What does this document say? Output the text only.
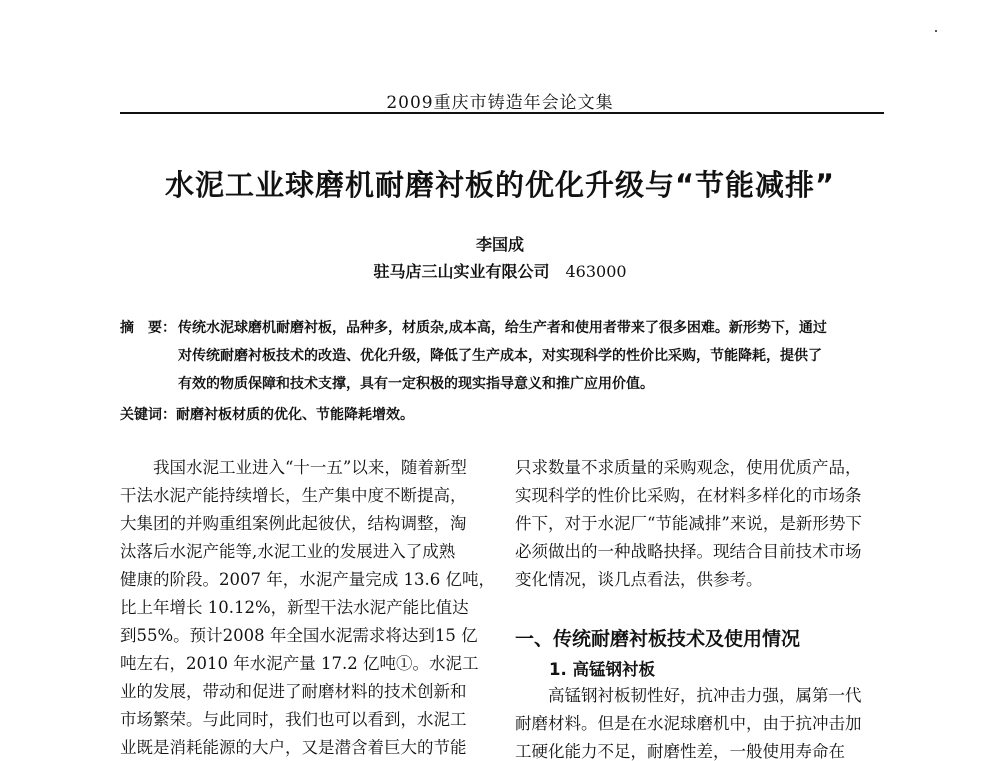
2009重庆市铸造年会论文集
水泥工业球磨机耐磨衬板的优化升级与“节能减排”
李国成
驻马店三山实业有限公司 463000
摘　要： 传统水泥球磨机耐磨衬板，品种多，材质杂,成本高，给生产者和使用者带来了很多困难。新形势下，通过
对传统耐磨衬板技术的改造、优化升级，降低了生产成本，对实现科学的性价比采购，节能降耗，提供了
有效的物质保障和技术支撑，具有一定积极的现实指导意义和推广应用价值。
关键词：耐磨衬板材质的优化、节能降耗增效。
　　我国水泥工业进入“十一五”以来，随着新型
干法水泥产能持续增长，生产集中度不断提高，
大集团的并购重组案例此起彼伏，结构调整，淘
汰落后水泥产能等,水泥工业的发展进入了成熟
健康的阶段。2007 年，水泥产量完成 13.6 亿吨，
比上年增长 10.12%，新型干法水泥产能比值达
到55%。预计2008 年全国水泥需求将达到15 亿
吨左右，2010 年水泥产量 17.2 亿吨①。水泥工
业的发展，带动和促进了耐磨材料的技术创新和
市场繁荣。与此同时，我们也可以看到，水泥工
业既是消耗能源的大户，又是潜含着巨大的节能
只求数量不求质量的采购观念，使用优质产品，
实现科学的性价比采购，在材料多样化的市场条
件下，对于水泥厂“节能减排”来说，是新形势下
必须做出的一种战略抉择。现结合目前技术市场
变化情况，谈几点看法，供参考。
一、传统耐磨衬板技术及使用情况
1. 高锰钢衬板
　　高锰钢衬板韧性好，抗冲击力强，属第一代
耐磨材料。但是在水泥球磨机中，由于抗冲击加
工硬化能力不足，耐磨性差，一般使用寿命在
